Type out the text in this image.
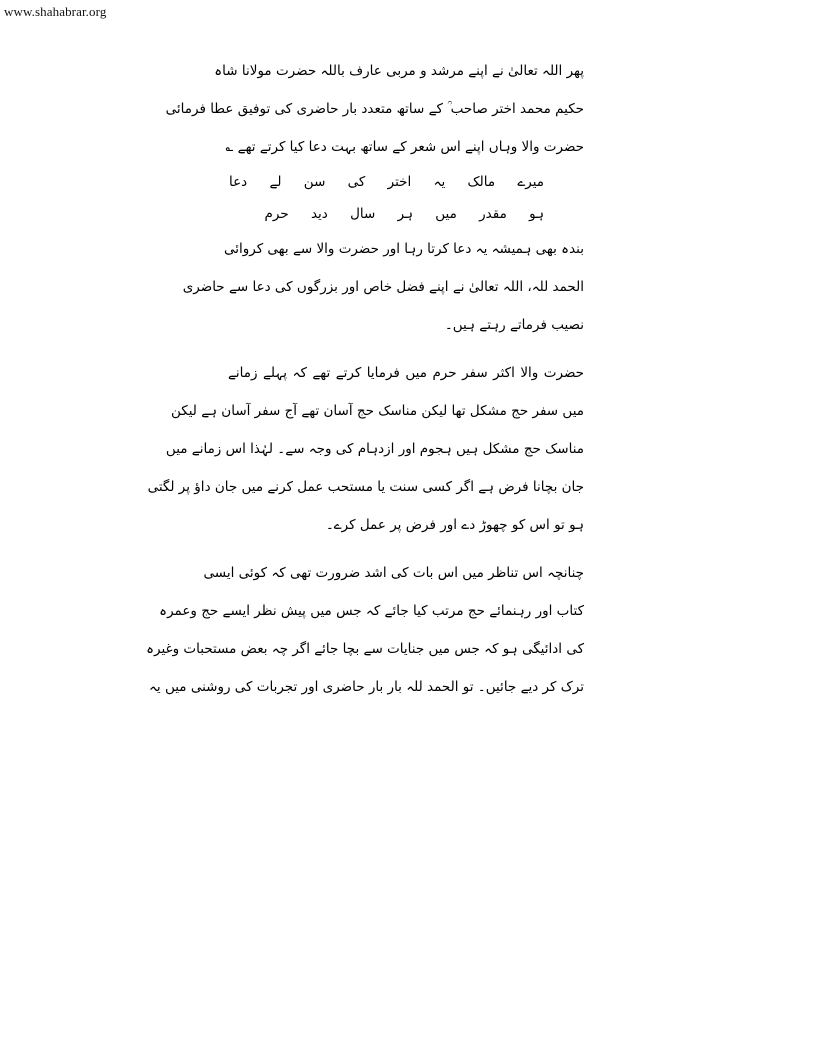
www.shahabrar.org
پھر اللہ تعالیٰ نے اپنے مرشد و مربی عارف باللہ حضرت مولانا شاہ
حکیم محمد اختر صاحب ؒ کے ساتھ متعدد بار حاضری کی توفیق عطا فرمائی
حضرت والا وہاں اپنے اس شعر کے ساتھ بہت دعا کیا کرتے تھے ؎
میرے مالک یہ اختر کی سن لے دعا
ہو مقدر میں ہر سال دید حرم
بندہ بھی ہمیشہ یہ دعا کرتا رہا اور حضرت والا سے بھی کروائی
الحمد للہ، اللہ تعالیٰ نے اپنے فضل خاص اور بزرگوں کی دعا سے حاضری
نصیب فرماتے رہتے ہیں۔
حضرت والا اکثر سفر حرم میں فرمایا کرتے تھے کہ پہلے زمانے
میں سفر حج مشکل تھا لیکن مناسک حج آسان تھے آج سفر آسان ہے لیکن
مناسک حج مشکل ہیں ہجوم اور ازدہام کی وجہ سے۔ لہٰذا اس زمانے میں
جان بچانا فرض ہے اگر کسی سنت یا مستحب عمل کرنے میں جان داؤ پر لگتی
ہو تو اس کو چھوڑ دے اور فرض پر عمل کرے۔
چنانچہ اس تناظر میں اس بات کی اشد ضرورت تھی کہ کوئی ایسی
کتاب اور رہنمائے حج مرتب کیا جائے کہ جس میں پیش نظر ایسے حج وعمرہ
کی ادائیگی ہو کہ جس میں جنایات سے بچا جائے اگر چہ بعض مستحبات وغیرہ
ترک کر دیے جائیں۔ تو الحمد للہ بار بار حاضری اور تجربات کی روشنی میں یہ
